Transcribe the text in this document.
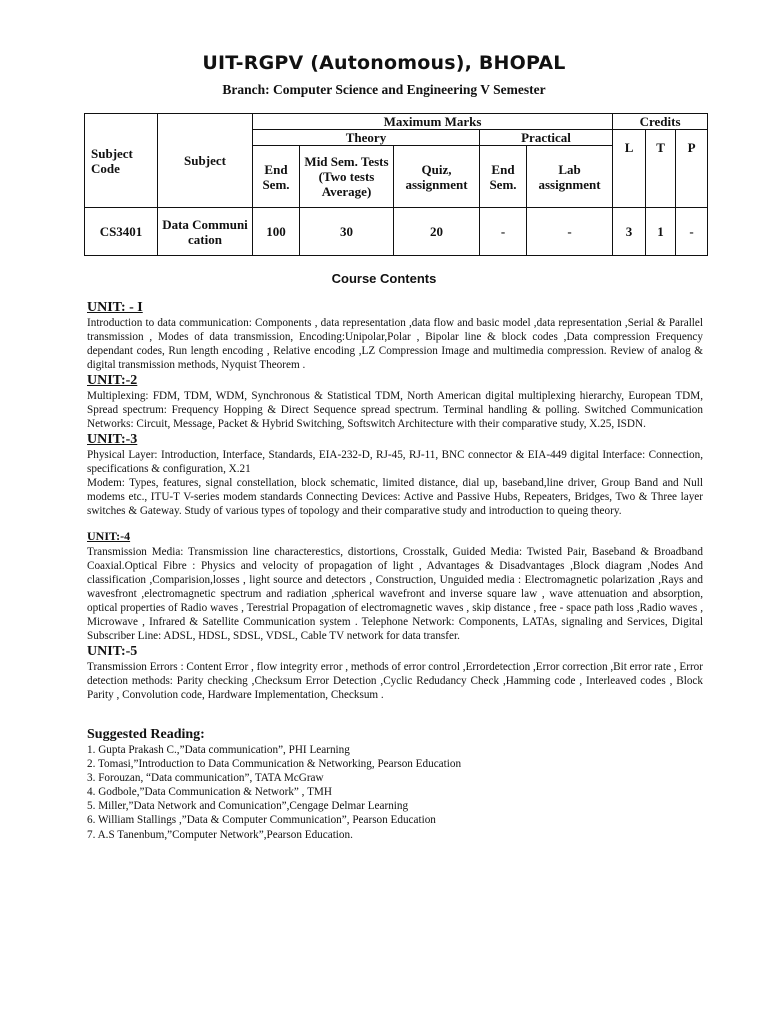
UIT-RGPV (Autonomous), BHOPAL
Branch: Computer Science and Engineering V Semester
Subject Code	Subject	Maximum Marks					Credits		
		Theory			Practical		L	T	P
		End Sem.	Mid Sem. Tests (Two tests Average)	Quiz, assignment	End Sem.	Lab assignment			
CS3401	Data Communication	100	30	20	-	-	3	1	-
Course Contents
UNIT: - I

Introduction to data communication: Components , data representation ,data flow and basic model ,data representation ,Serial & Parallel transmission , Modes of data transmission, Encoding:Unipolar,Polar , Bipolar line & block codes ,Data compression Frequency dependant codes, Run length encoding , Relative encoding ,LZ Compression Image and multimedia compression. Review of analog & digital transmission methods, Nyquist Theorem .

UNIT:-2

Multiplexing: FDM, TDM, WDM, Synchronous & Statistical TDM, North American digital multiplexing hierarchy, European TDM, Spread spectrum: Frequency Hopping & Direct Sequence spread spectrum. Terminal handling & polling. Switched Communication Networks: Circuit, Message, Packet & Hybrid Switching, Softswitch Architecture with their comparative study, X.25, ISDN.

UNIT:-3

Physical Layer: Introduction, Interface, Standards, EIA-232-D, RJ-45, RJ-11, BNC connector & EIA-449 digital Interface: Connection, specifications & configuration, X.21

Modem: Types, features, signal constellation, block schematic, limited distance, dial up, baseband,line driver, Group Band and Null modems etc., ITU-T V-series modem standards Connecting Devices: Active and Passive Hubs, Repeaters, Bridges, Two & Three layer switches & Gateway. Study of various types of topology and their comparative study and introduction to queing theory.

UNIT:-4

Transmission Media: Transmission line characterestics, distortions, Crosstalk, Guided Media: Twisted Pair, Baseband & Broadband Coaxial.Optical Fibre : Physics and velocity of propagation of light , Advantages & Disadvantages ,Block diagram ,Nodes And classification ,Comparision,losses , light source and detectors , Construction, Unguided media : Electromagnetic polarization ,Rays and wavesfront ,electromagnetic spectrum and radiation ,spherical wavefront and inverse square law , wave attenuation and absorption, optical properties of Radio waves , Terestrial Propagation of electromagnetic waves , skip distance , free - space path loss ,Radio waves , Microwave , Infrared & Satellite Communication system . Telephone Network: Components, LATAs, signaling and Services, Digital Subscriber Line: ADSL, HDSL, SDSL, VDSL, Cable TV network for data transfer.

UNIT:-5

Transmission Errors : Content Error , flow integrity error , methods of error control ,Errordetection ,Error correction ,Bit error rate , Error detection methods: Parity checking ,Checksum Error Detection ,Cyclic Redudancy Check ,Hamming code , Interleaved codes , Block Parity , Convolution code, Hardware Implementation, Checksum .

Suggested Reading:
1. Gupta Prakash C.,”Data communication”, PHI Learning
2. Tomasi,”Introduction to Data Communication & Networking, Pearson Education
3. Forouzan, “Data communication”, TATA McGraw
4. Godbole,”Data Communication & Network” , TMH
5. Miller,”Data Network and Comunication”,Cengage Delmar Learning
6. William Stallings ,”Data & Computer Communication”, Pearson Education
7. A.S Tanenbum,”Computer Network”,Pearson Education.
